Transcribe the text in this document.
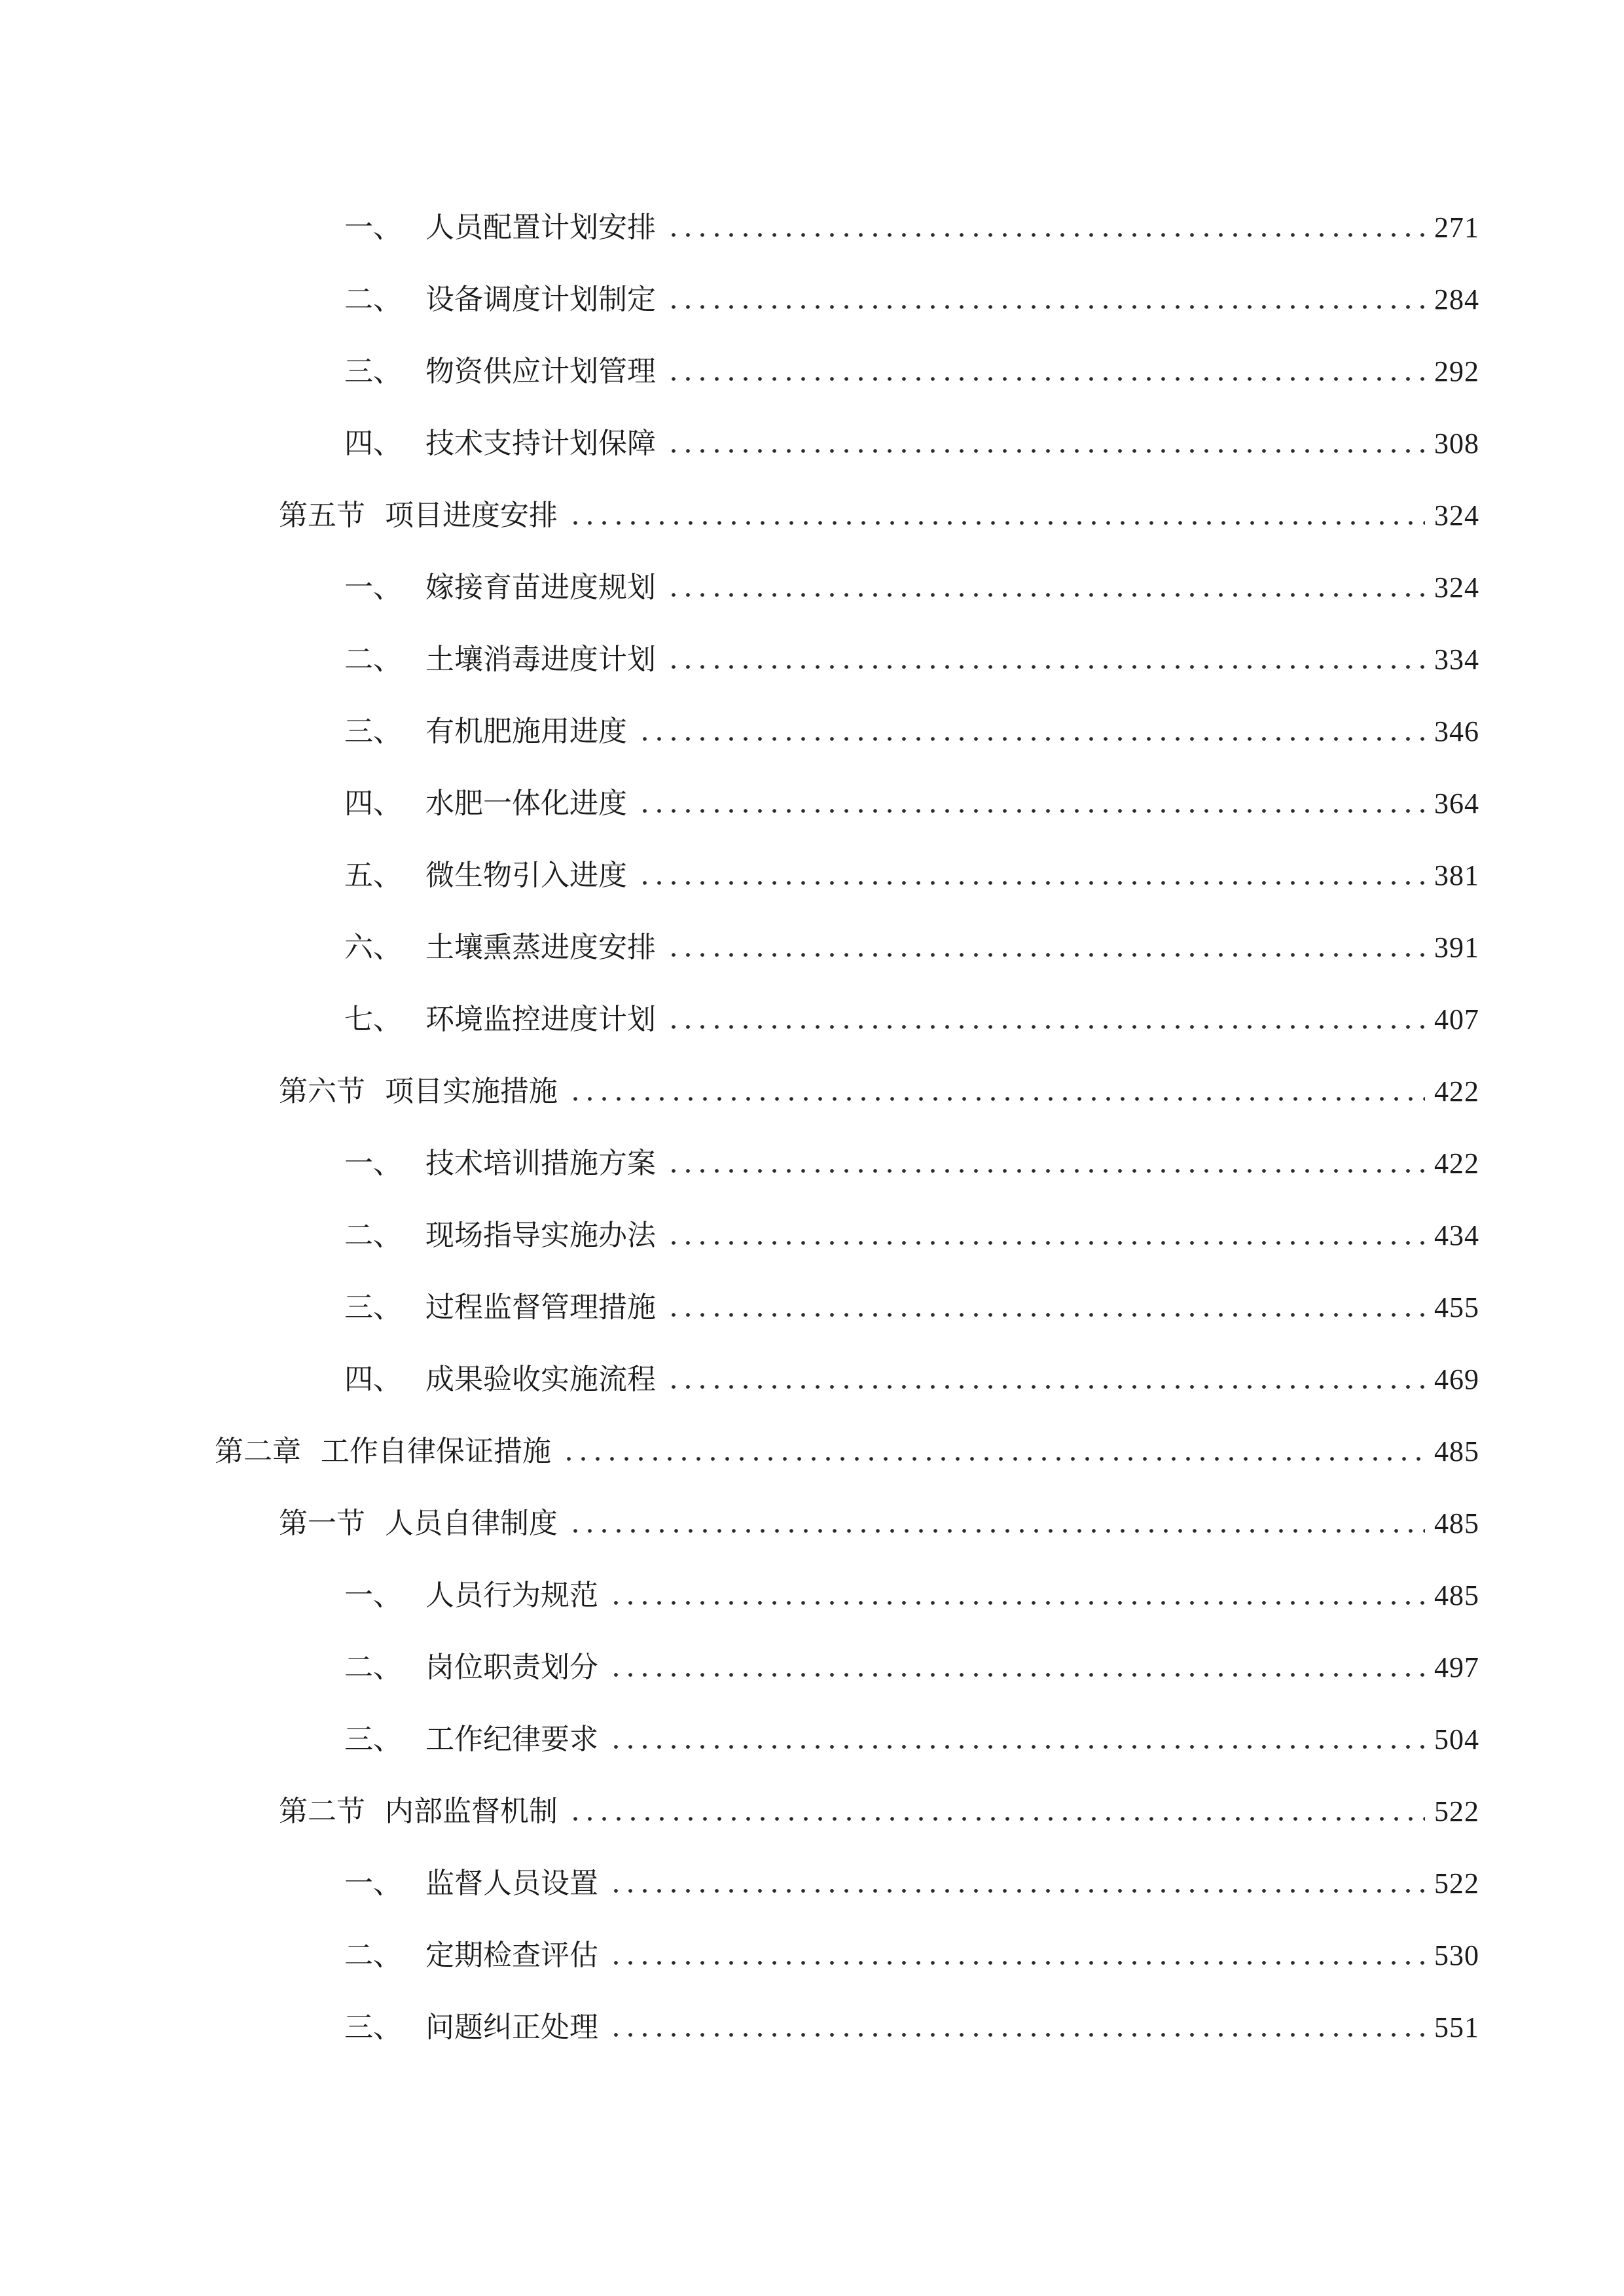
一、 人员配置计划安排	271
二、 设备调度计划制定	284
三、 物资供应计划管理	292
四、 技术支持计划保障	308
第五节 项目进度安排	324
一、 嫁接育苗进度规划	324
二、 土壤消毒进度计划	334
三、 有机肥施用进度	346
四、 水肥一体化进度	364
五、 微生物引入进度	381
六、 土壤熏蒸进度安排	391
七、 环境监控进度计划	407
第六节 项目实施措施	422
一、 技术培训措施方案	422
二、 现场指导实施办法	434
三、 过程监督管理措施	455
四、 成果验收实施流程	469
第二章 工作自律保证措施	485
第一节 人员自律制度	485
一、 人员行为规范	485
二、 岗位职责划分	497
三、 工作纪律要求	504
第二节 内部监督机制	522
一、 监督人员设置	522
二、 定期检查评估	530
三、 问题纠正处理	551
